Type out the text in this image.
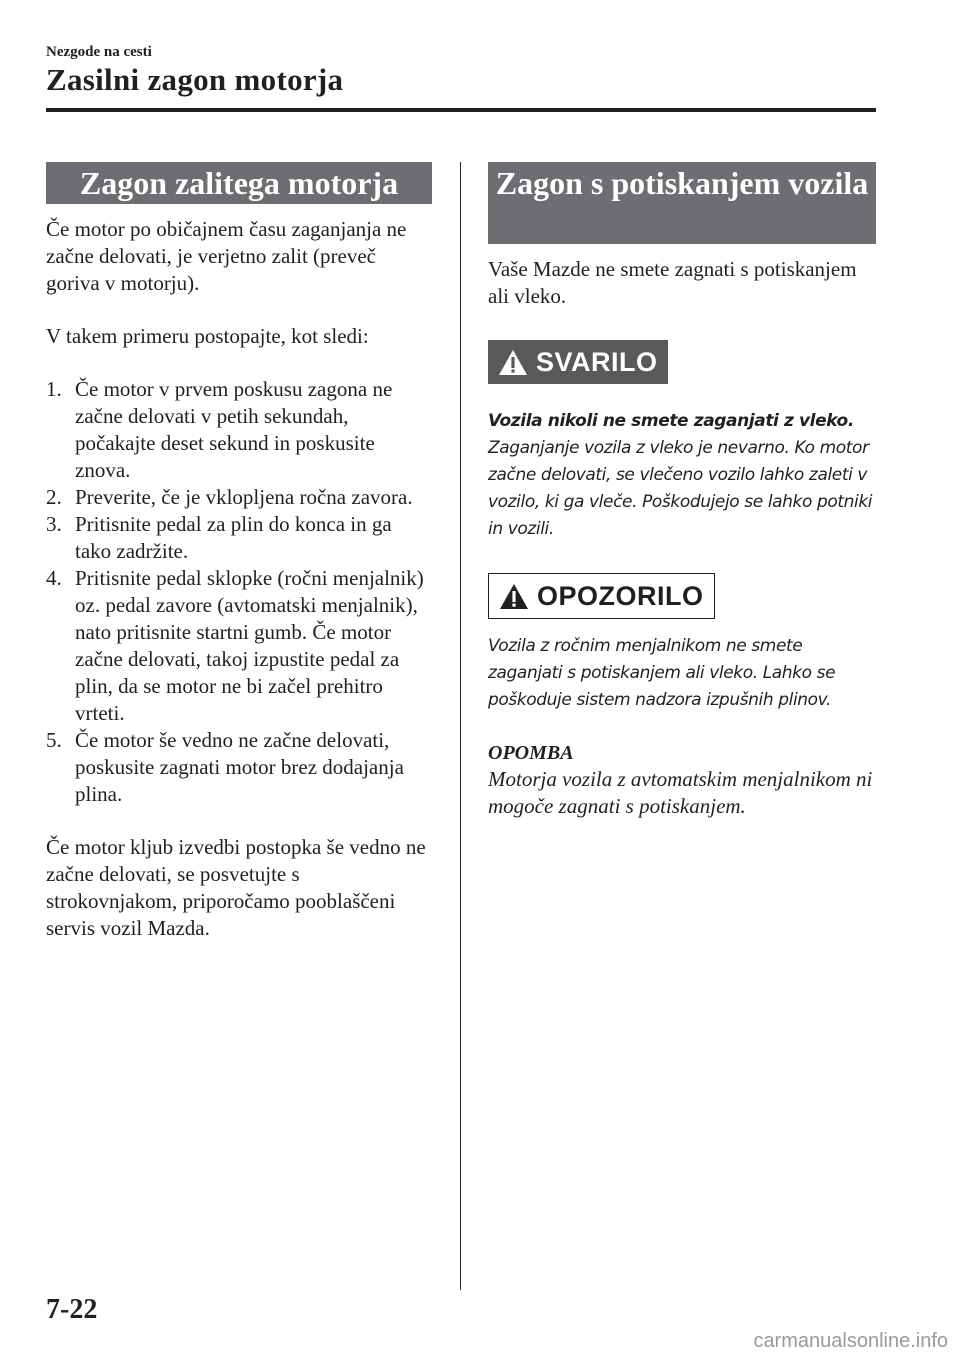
Nezgode na cesti
Zasilni zagon motorja
Zagon zalitega motorja

Če motor po običajnem času zaganjanja ne začne delovati, je verjetno zalit (preveč goriva v motorju).

V takem primeru postopajte, kot sledi:

1. Če motor v prvem poskusu zagona ne začne delovati v petih sekundah, počakajte deset sekund in poskusite znova.
2. Preverite, če je vklopljena ročna zavora.
3. Pritisnite pedal za plin do konca in ga tako zadržite.
4. Pritisnite pedal sklopke (ročni menjalnik) oz. pedal zavore (avtomatski menjalnik), nato pritisnite startni gumb. Če motor začne delovati, takoj izpustite pedal za plin, da se motor ne bi začel prehitro vrteti.
5. Če motor še vedno ne začne delovati, poskusite zagnati motor brez dodajanja plina.

Če motor kljub izvedbi postopka še vedno ne začne delovati, se posvetujte s strokovnjakom, priporočamo pooblaščeni servis vozil Mazda.

Zagon s potiskanjem vozila

Vaše Mazde ne smete zagnati s potiskanjem ali vleko.

SVARILO

Vozila nikoli ne smete zaganjati z vleko.

Zaganjanje vozila z vleko je nevarno. Ko motor začne delovati, se vlečeno vozilo lahko zaleti v vozilo, ki ga vleče. Poškodujejo se lahko potniki in vozili.

OPOZORILO

Vozila z ročnim menjalnikom ne smete zaganjati s potiskanjem ali vleko. Lahko se poškoduje sistem nadzora izpušnih plinov.

OPOMBA

Motorja vozila z avtomatskim menjalnikom ni mogoče zagnati s potiskanjem.

7-22
carmanualsonline.info
